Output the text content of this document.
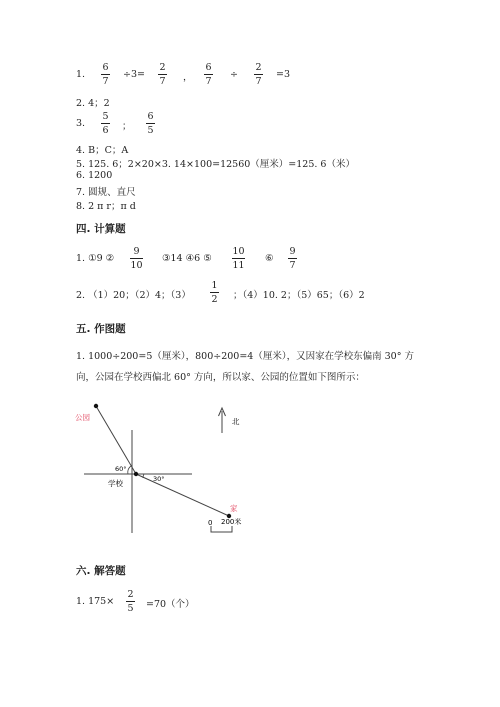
1.
6
7
÷3=
2
7 ，
6
7
÷
2
7
=3
2. 4；2
3.
5
6 ；
6
5
4. B；C；A
5. 125. 6；2×20×3. 14×100=12560（厘米）=125. 6（米）
6. 1200
7. 圆规、直尺
8. 2 π r；π d
四. 计算题
1. ①9 ②
9
10
③14 ④6 ⑤
10
11
⑥
9
7
2. （1）20；（2）4；（3）
1
2 ；（4）10. 2；（5）65；（6）2
五. 作图题
1. 1000÷200=5（厘米），800÷200=4（厘米），又因家在学校东偏南 30° 方
向，公园在学校西偏北 60° 方向，所以家、公园的位置如下图所示：
公园
60°
30°
学校
北
家
0 200米
六. 解答题
1. 175×
2
5 =70（个）
